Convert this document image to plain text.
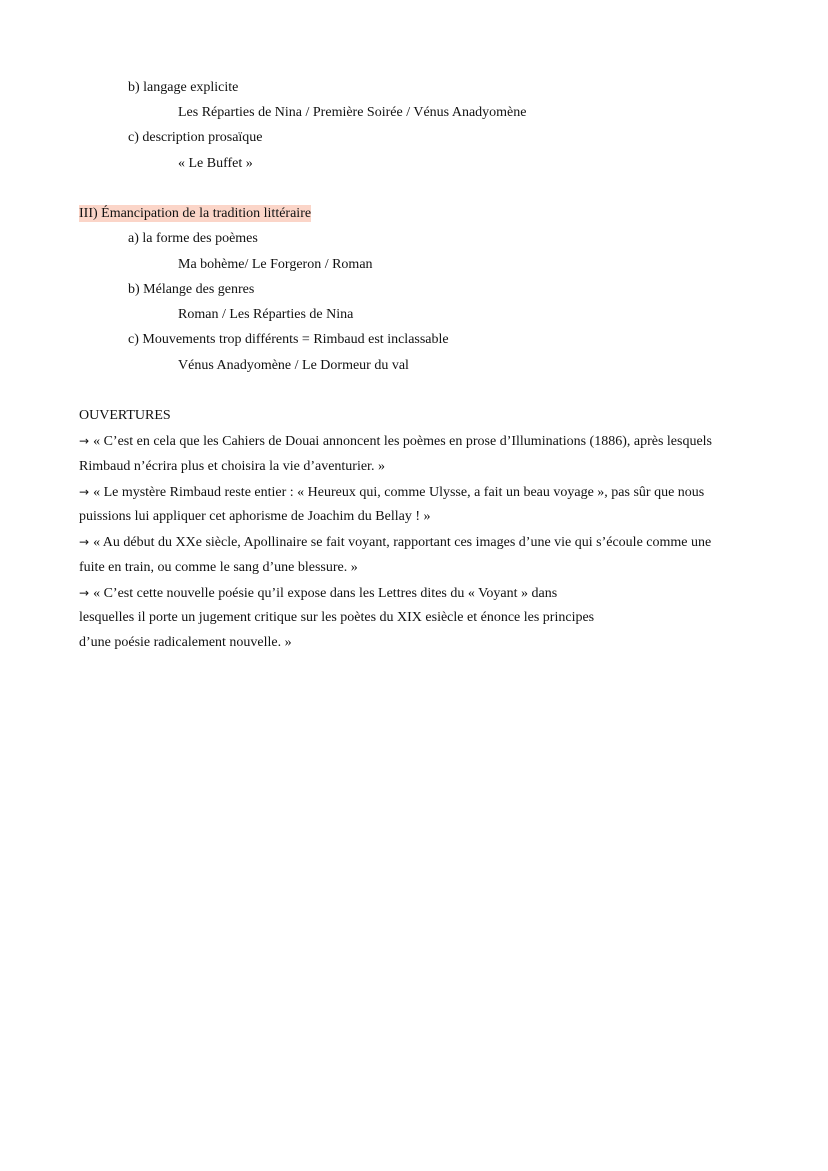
b) langage explicite
Les Réparties de Nina / Première Soirée / Vénus Anadyomène
c) description prosaïque
« Le Buffet »
III) Émancipation de la tradition littéraire
a) la forme des poèmes
Ma bohème/ Le Forgeron / Roman
b) Mélange des genres
Roman / Les Réparties de Nina
c) Mouvements trop différents = Rimbaud est inclassable
Vénus Anadyomène / Le Dormeur du val
OUVERTURES
→ « C’est en cela que les Cahiers de Douai annoncent les poèmes en prose d’Illuminations (1886), après lesquels
Rimbaud n’écrira plus et choisira la vie d’aventurier. »
→ « Le mystère Rimbaud reste entier : « Heureux qui, comme Ulysse, a fait un beau voyage », pas sûr que nous
puissions lui appliquer cet aphorisme de Joachim du Bellay ! »
→ « Au début du XXe siècle, Apollinaire se fait voyant, rapportant ces images d’une vie qui s’écoule comme une
fuite en train, ou comme le sang d’une blessure. »
→ « C’est cette nouvelle poésie qu’il expose dans les Lettres dites du « Voyant » dans
lesquelles il porte un jugement critique sur les poètes du XIX esiècle et énonce les principes
d’une poésie radicalement nouvelle. »
